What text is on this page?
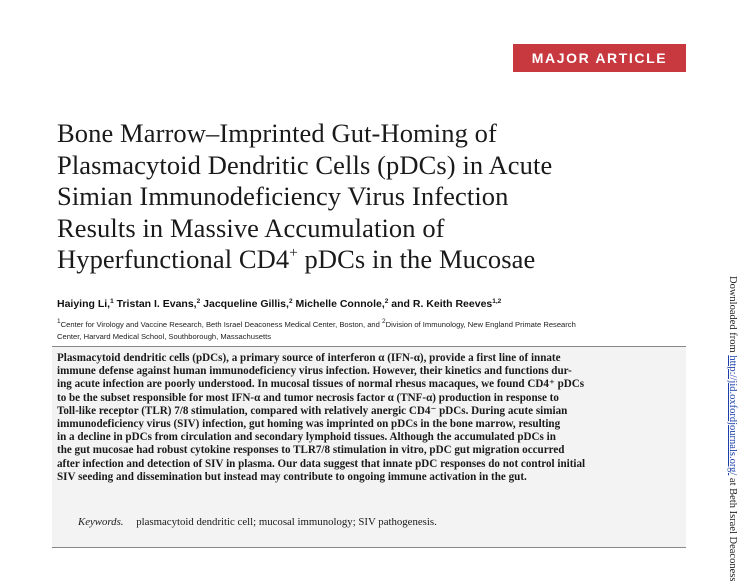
MAJOR ARTICLE
Bone Marrow–Imprinted Gut-Homing of
Plasmacytoid Dendritic Cells (pDCs) in Acute
Simian Immunodeficiency Virus Infection
Results in Massive Accumulation of
Hyperfunctional CD4+ pDCs in the Mucosae
Haiying Li,$^1$ Tristan I. Evans,$^2$ Jacqueline Gillis,$^2$ Michelle Connole,$^2$ and R. Keith Reeves$^{1,2}$
$^1$Center for Virology and Vaccine Research, Beth Israel Deaconess Medical Center, Boston, and $^2$Division of Immunology, New England Primate Research
Center, Harvard Medical School, Southborough, Massachusetts
Plasmacytoid dendritic cells (pDCs), a primary source of interferon α (IFN-α), provide a first line of innate
immune defense against human immunodeficiency virus infection. However, their kinetics and functions dur-
ing acute infection are poorly understood. In mucosal tissues of normal rhesus macaques, we found CD4⁺ pDCs
to be the subset responsible for most IFN-α and tumor necrosis factor α (TNF-α) production in response to
Toll-like receptor (TLR) 7/8 stimulation, compared with relatively anergic CD4⁻ pDCs. During acute simian
immunodeficiency virus (SIV) infection, gut homing was imprinted on pDCs in the bone marrow, resulting
in a decline in pDCs from circulation and secondary lymphoid tissues. Although the accumulated pDCs in
the gut mucosae had robust cytokine responses to TLR7/8 stimulation in vitro, pDC gut migration occurred
after infection and detection of SIV in plasma. Our data suggest that innate pDC responses do not control initial
SIV seeding and dissemination but instead may contribute to ongoing immune activation in the gut.
Keywords. plasmacytoid dendritic cell; mucosal immunology; SIV pathogenesis.
Downloaded from http://jid.oxfordjournals.org/ at Beth Israel Deaconess
